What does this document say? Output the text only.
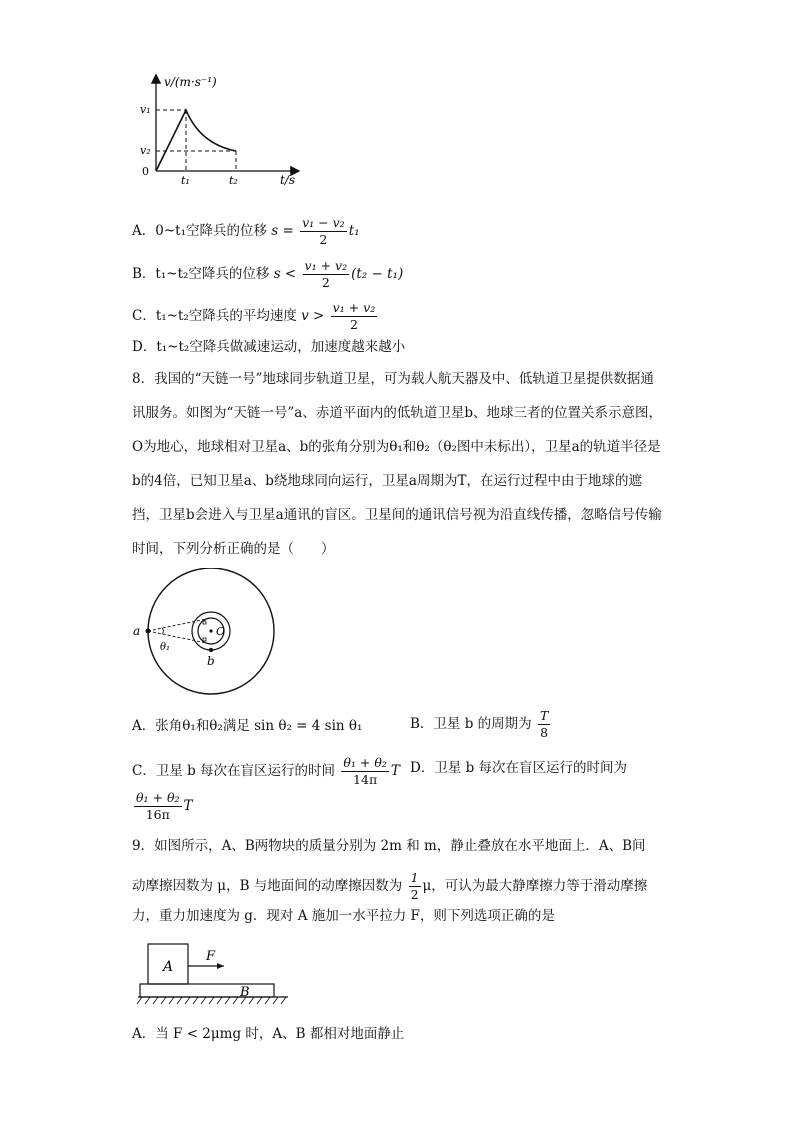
v/(m·s⁻¹)
t/s
v₁
v₂
0
t₁	t₂
A．0~t₁空降兵的位移 $s = \frac{\text{v₁ − v₂}}{2} t_1$
B．t₁~t₂空降兵的位移 $s < \frac{\text{v₁ + v₂}}{2} (t_2 - t_1)$
C．t₁~t₂空降兵的平均速度 $v > \frac{\text{v₁ + v₂}}{2}$
D．t₁~t₂空降兵做减速运动，加速度越来越小
8．我国的“天链一号”地球同步轨道卫星，可为载人航天器及中、低轨道卫星提供数据通讯服务。如图为“天链一号”a、赤道平面内的低轨道卫星b、地球三者的位置关系示意图，O为地心，地球相对卫星a、b的张角分别为θ₁和θ₂（θ₂图中未标出），卫星a的轨道半径是b的4倍，已知卫星a、b绕地球同向运行，卫星a周期为T，在运行过程中由于地球的遮挡，卫星b会进入与卫星a通讯的盲区。卫星间的通讯信号视为沿直线传播，忽略信号传输时间，下列分析正确的是（　　）
a
b
O
θ₁
A．张角θ₁和θ₂满足 sin θ₂ = 4 sin θ₁	B．卫星 b 的周期为 $\frac{T}{8}$
C．卫星 b 每次在盲区运行的时间 $\frac{\text{θ₁ + θ₂}}{14\pi}$ T D．卫星 b 每次在盲区运行的时间为
$\frac{\text{θ₁ + θ₂}}{16\pi}$ T
9．如图所示，A、B两物块的质量分别为 2m 和 m，静止叠放在水平地面上．A、B间
动摩擦因数为 μ，B 与地面间的动摩擦因数为 $\frac{1}{2}$ μ，可认为最大静摩擦力等于滑动摩擦
力，重力加速度为 g．现对 A 施加一水平拉力 F，则下列选项正确的是
A
B
F
A．当 F < 2μmg 时，A、B 都相对地面静止
